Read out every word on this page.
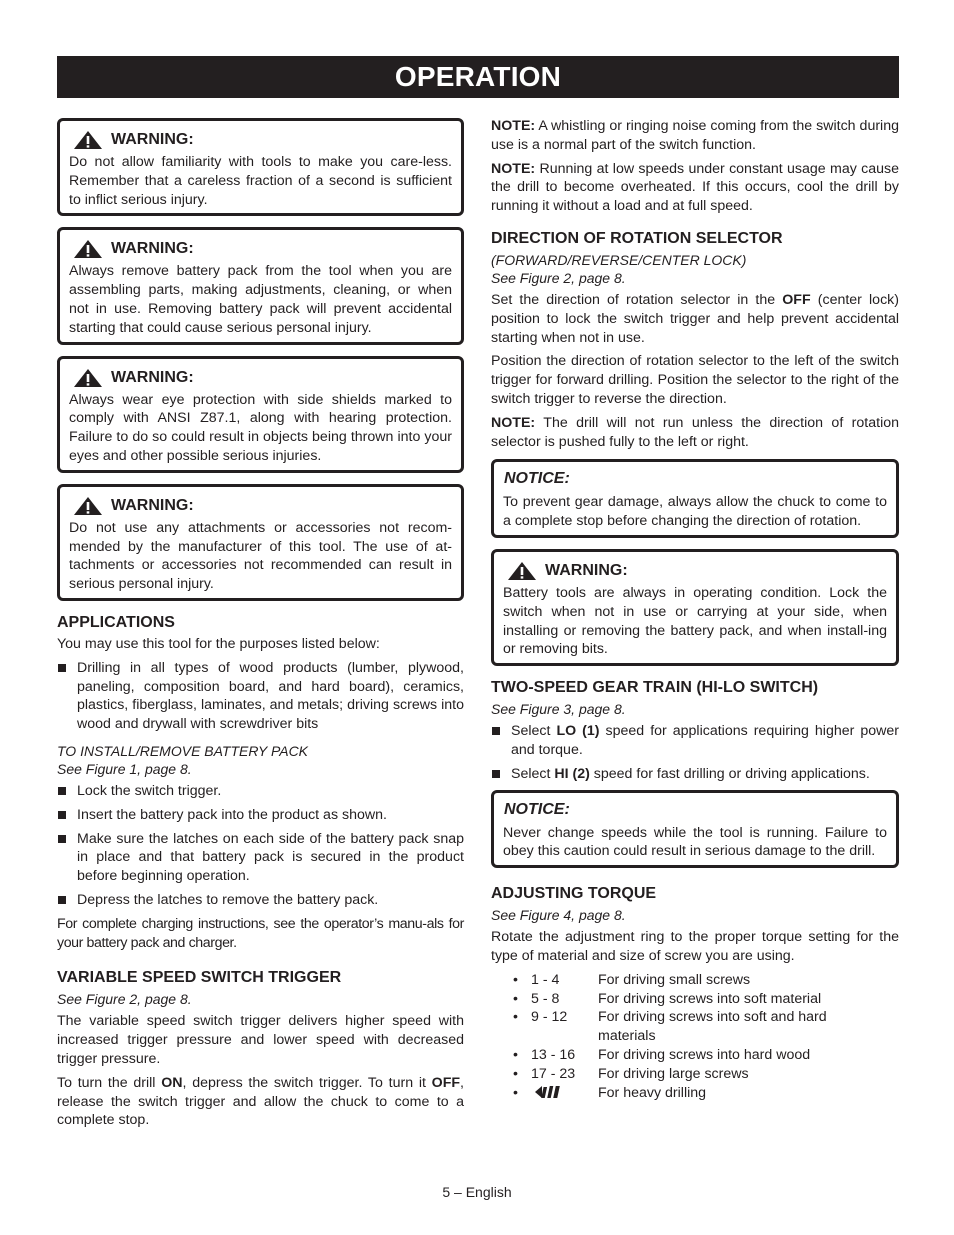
OPERATION
WARNING:

Do not allow familiarity with tools to make you care-less. Remember that a careless fraction of a second is sufficient to inflict serious injury.

WARNING:

Always remove battery pack from the tool when you are assembling parts, making adjustments, cleaning, or when not in use. Removing battery pack will prevent accidental starting that could cause serious personal injury.

WARNING:

Always wear eye protection with side shields marked to comply with ANSI Z87.1, along with hearing protection. Failure to do so could result in objects being thrown into your eyes and other possible serious injuries.

WARNING:

Do not use any attachments or accessories not recom-mended by the manufacturer of this tool. The use of at-tachments or accessories not recommended can result in serious personal injury.

APPLICATIONS

You may use this tool for the purposes listed below:

Drilling in all types of wood products (lumber, plywood, paneling, composition board, and hard board), ceramics, plastics, fiberglass, laminates, and metals; driving screws into wood and drywall with screwdriver bits
TO INSTALL/REMOVE BATTERY PACK
See Figure 1, page 8.
Lock the switch trigger.
Insert the battery pack into the product as shown.
Make sure the latches on each side of the battery pack snap in place and that battery pack is secured in the product before beginning operation.
Depress the latches to remove the battery pack.

For complete charging instructions, see the operator’s manu-als for your battery pack and charger.

VARIABLE SPEED SWITCH TRIGGER
See Figure 2, page 8.

The variable speed switch trigger delivers higher speed with increased trigger pressure and lower speed with decreased trigger pressure.

To turn the drill ON, depress the switch trigger. To turn it OFF, release the switch trigger and allow the chuck to come to a complete stop.

NOTE: A whistling or ringing noise coming from the switch during use is a normal part of the switch function.

NOTE: Running at low speeds under constant usage may cause the drill to become overheated. If this occurs, cool the drill by running it without a load and at full speed.

DIRECTION OF ROTATION SELECTOR
(FORWARD/REVERSE/CENTER LOCK)
See Figure 2, page 8.

Set the direction of rotation selector in the OFF (center lock) position to lock the switch trigger and help prevent accidental starting when not in use.

Position the direction of rotation selector to the left of the switch trigger for forward drilling. Position the selector to the right of the switch trigger to reverse the direction.

NOTE: The drill will not run unless the direction of rotation selector is pushed fully to the left or right.

NOTICE:

To prevent gear damage, always allow the chuck to come to a complete stop before changing the direction of rotation.

WARNING:

Battery tools are always in operating condition. Lock the switch when not in use or carrying at your side, when installing or removing the battery pack, and when install-ing or removing bits.

TWO-SPEED GEAR TRAIN (HI-LO SWITCH)
See Figure 3, page 8.
Select LO (1) speed for applications requiring higher power and torque.
Select HI (2) speed for fast drilling or driving applications.
NOTICE:

Never change speeds while the tool is running. Failure to obey this caution could result in serious damage to the drill.

ADJUSTING TORQUE
See Figure 4, page 8.

Rotate the adjustment ring to the proper torque setting for the type of material and size of screw you are using.

•	1 - 4	For driving small screws
•	5 - 8	For driving screws into soft material
•	9 - 12	For driving screws into soft and hard materials
•	13 - 16	For driving screws into hard wood
•	17 - 23	For driving large screws
•		For heavy drilling
5 – English
